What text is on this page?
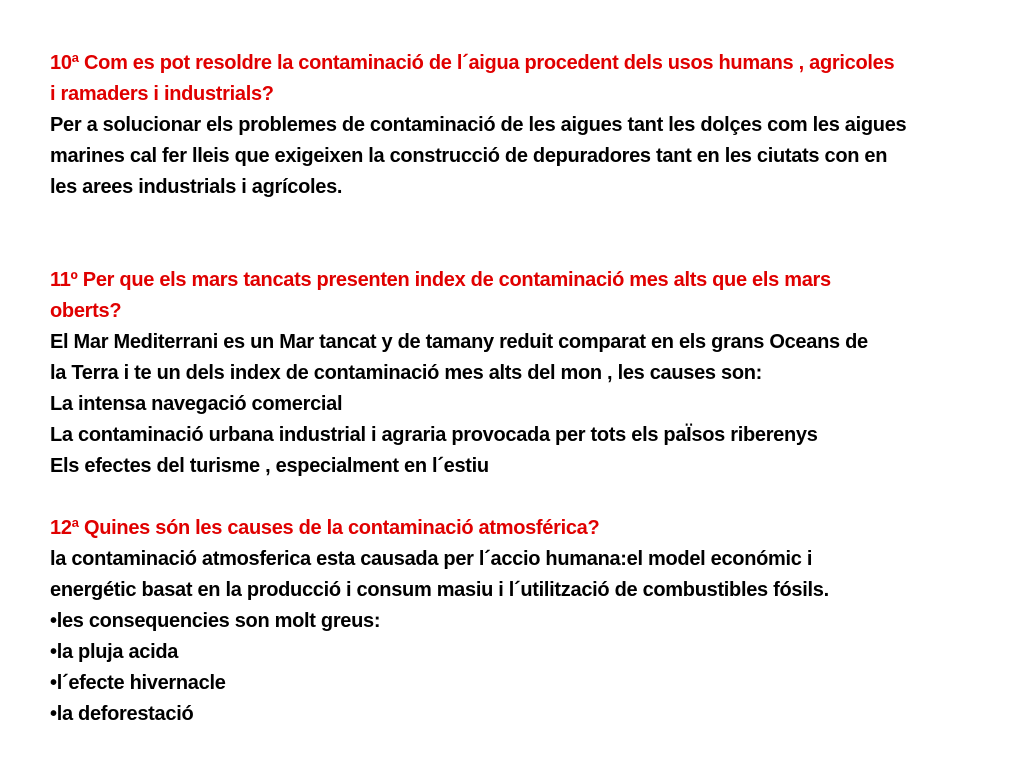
10ª Com es pot resoldre la contaminació de l´aigua procedent dels usos humans , agricoles
i ramaders i industrials?
Per a solucionar els problemes de contaminació de les aigues tant les dolçes com les aigues
marines cal fer lleis que exigeixen la construcció de depuradores tant en les ciutats con en
les arees industrials i agrícoles.
11º Per que els mars tancats presenten index de contaminació mes alts que els mars
oberts?
El Mar Mediterrani es un Mar tancat y de tamany reduit comparat en els grans Oceans de
la Terra i te un dels index de contaminació mes alts del mon , les causes son:
La intensa navegació comercial
La contaminació urbana industrial i agraria provocada per tots els paÏsos riberenys
Els efectes del turisme , especialment en l´estiu
12ª Quines són les causes de la contaminació atmosférica?
la contaminació atmosferica esta causada per l´accio humana:el model económic i
energétic basat en la producció i consum masiu i l´utilització de combustibles fósils.
•les consequencies son molt greus:
•la pluja acida
•l´efecte hivernacle
•la deforestació
